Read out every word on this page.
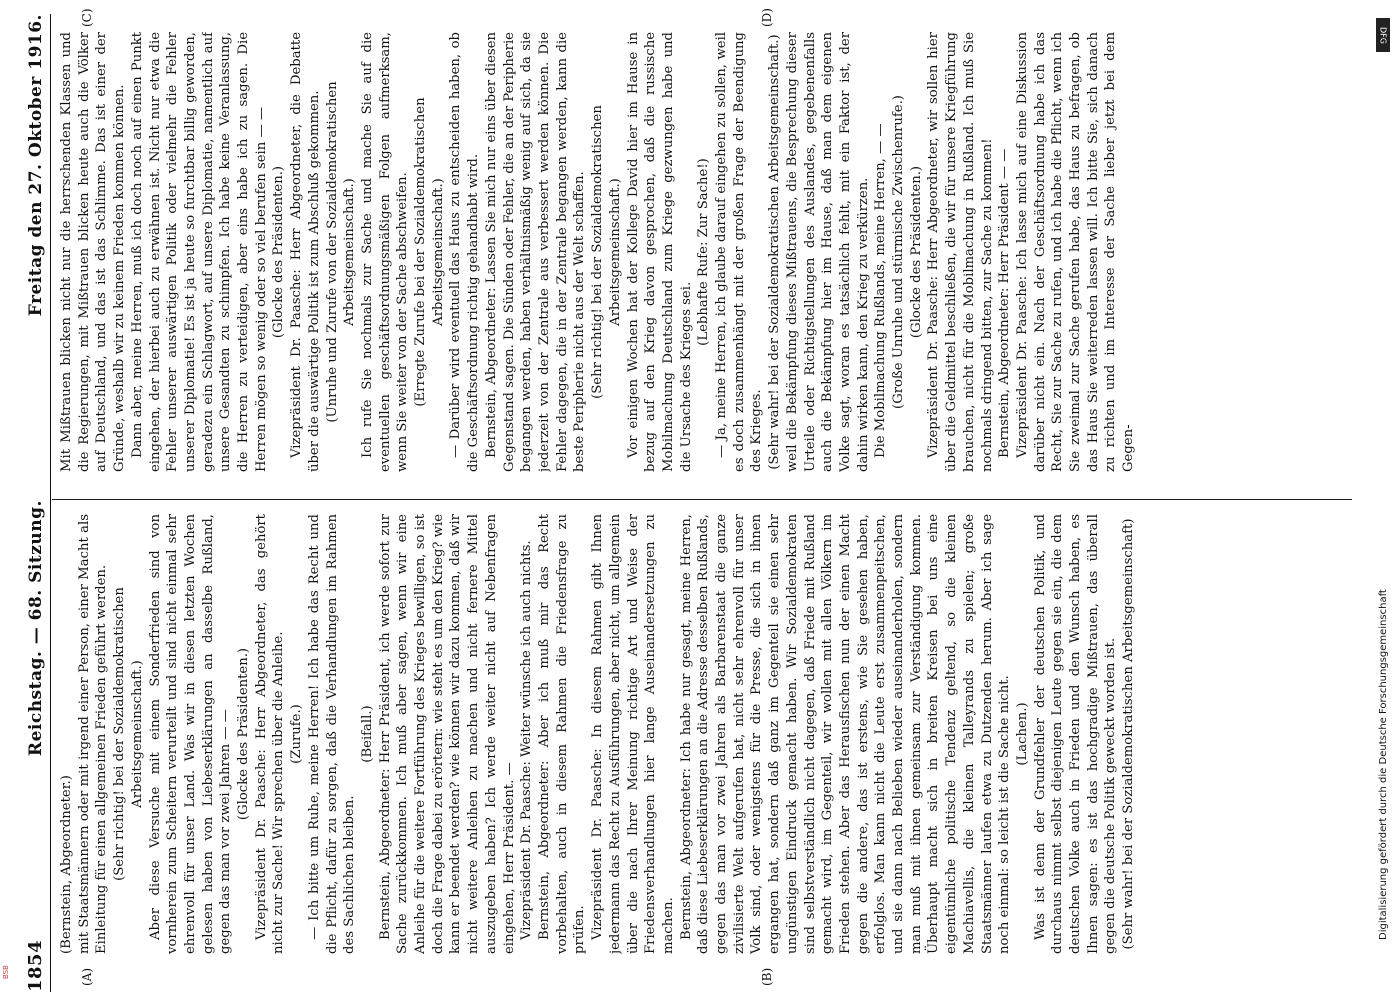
1854
Reichstag. — 68. Sitzung.
Freitag den 27. Oktober 1916.
(A)	(B)
(C)	(D)

(Bernstein, Abgeordneter.) mit Staatsmännern oder mit irgend einer Person, einer Macht als Einleitung für einen allgemeinen Frieden geführt werden. (Sehr richtig! bei der Sozialdemokratischen Arbeitsgemeinschaft.) Aber diese Versuche mit einem Sonderfrieden sind von vornherein zum Scheitern verurteilt und sind nicht einmal sehr ehrenvoll für unser Land. Was wir in diesen letzten Wochen gelesen haben von Liebeserklärungen an dasselbe Rußland, gegen das man vor zwei Jahren — — (Glocke des Präsidenten.) Vizepräsident Dr. Paasche: Herr Abgeordneter, das gehört nicht zur Sache! Wir sprechen über die Anleihe. (Zurufe.) — Ich bitte um Ruhe, meine Herren! Ich habe das Recht und die Pflicht, dafür zu sorgen, daß die Verhandlungen im Rahmen des Sachlichen bleiben.

(Beifall.) Bernstein, Abgeordneter: Herr Präsident, ich werde sofort zur Sache zurückkommen. Ich muß aber sagen, wenn wir eine Anleihe für die weitere Fortführung des Krieges bewilligen, so ist doch die Frage dabei zu erörtern: wie steht es um den Krieg? wie kann er beendet werden? wie können wir dazu kommen, daß wir nicht weitere Anleihen zu machen und nicht fernere Mittel auszugeben haben? Ich werde weiter nicht auf Nebenfragen eingehen, Herr Präsident. — Vizepräsident Dr. Paasche: Weiter wünsche ich auch nichts. Bernstein, Abgeordneter: Aber ich muß mir das Recht vorbehalten, auch in diesem Rahmen die Friedensfrage zu prüfen. Vizepräsident Dr. Paasche: In diesem Rahmen gibt Ihnen jedermann das Recht zu Ausführungen, aber nicht, um allgemein über die nach Ihrer Meinung richtige Art und Weise der Friedensverhandlungen hier lange Auseinandersetzungen zu machen. Bernstein, Abgeordneter: Ich habe nur gesagt, meine Herren, daß diese Liebeserklärungen an die Adresse desselben Rußlands, gegen das man vor zwei Jahren als Barbarenstaat die ganze zivilisierte Welt aufgerufen hat, nicht sehr ehrenvoll für unser Volk sind, oder wenigstens für die Presse, die sich in ihnen ergangen hat, sondern daß ganz im Gegenteil sie einen sehr ungünstigen Eindruck gemacht haben. Wir Sozialdemokraten sind selbstverständlich nicht dagegen, daß Friede mit Rußland gemacht wird, im Gegenteil, wir wollen mit allen Völkern im Frieden stehen. Aber das Herausfischen nun der einen Macht gegen die andere, das ist erstens, wie Sie gesehen haben, erfolglos. Man kann nicht die Leute erst zusammenpeitschen, und sie dann nach Belieben wieder auseinanderholen, sondern man muß mit ihnen gemeinsam zur Verständigung kommen. Überhaupt macht sich in breiten Kreisen bei uns eine eigentümliche politische Tendenz geltend, so die kleinen Machiavellis, die kleinen Talleyrands zu spielen; große Staatsmänner laufen etwa zu Dutzenden herum. Aber ich sage noch einmal: so leicht ist die Sache nicht. (Lachen.) Was ist denn der Grundfehler der deutschen Politik, und durchaus nimmt selbst diejenigen Leute gegen sie ein, die dem deutschen Volke auch in Frieden und den Wunsch haben, es Ihnen sagen: es ist das hochgradige Mißtrauen, das überall gegen die deutsche Politik geweckt worden ist. (Sehr wahr! bei der Sozialdemokratischen Arbeitsgemeinschaft)

Mit Mißtrauen blicken nicht nur die herrschenden Klassen und die Regierungen, mit Mißtrauen blicken heute auch die Völker auf Deutschland, und das ist das Schlimme. Das ist einer der Gründe, weshalb wir zu keinem Frieden kommen können. Dann aber, meine Herren, muß ich doch noch auf einen Punkt eingehen, der hierbei auch zu erwähnen ist. Nicht nur etwa die Fehler unserer auswärtigen Politik oder vielmehr die Fehler unserer Diplomatie! Es ist ja heute so furchtbar billig geworden, geradezu ein Schlagwort, auf unsere Diplomatie, namentlich auf unsere Gesandten zu schimpfen. Ich habe keine Veranlassung, die Herren zu verteidigen, aber eins habe ich zu sagen. Die Herren mögen so wenig oder so viel berufen sein — — (Glocke des Präsidenten.) Vizepräsident Dr. Paasche: Herr Abgeordneter, die Debatte über die auswärtige Politik ist zum Abschluß gekommen. (Unruhe und Zurufe von der Sozialdemokratischen Arbeitsgemeinschaft.) Ich rufe Sie nochmals zur Sache und mache Sie auf die eventuellen geschäftsordnungsmäßigen Folgen aufmerksam, wenn Sie weiter von der Sache abschweifen. (Erregte Zurufe bei der Sozialdemokratischen Arbeitsgemeinschaft.) — Darüber wird eventuell das Haus zu entscheiden haben, ob die Geschäftsordnung richtig gehandhabt wird. Bernstein, Abgeordneter: Lassen Sie mich nur eins über diesen Gegenstand sagen. Die Sünden oder Fehler, die an der Peripherie begangen werden, haben verhältnismäßig wenig auf sich, da sie jederzeit von der Zentrale aus verbessert werden können. Die Fehler dagegen, die in der Zentrale begangen werden, kann die beste Peripherie nicht aus der Welt schaffen. (Sehr richtig! bei der Sozialdemokratischen Arbeitsgemeinschaft.) Vor einigen Wochen hat der Kollege David hier im Hause in bezug auf den Krieg davon gesprochen, daß die russische Mobilmachung Deutschland zum Kriege gezwungen habe und die Ursache des Krieges sei.

(Lebhafte Rufe: Zur Sache!) — Ja, meine Herren, ich glaube darauf eingehen zu sollen, weil es doch zusammenhängt mit der großen Frage der Beendigung des Krieges. (Sehr wahr! bei der Sozialdemokratischen Arbeitsgemeinschaft.) weil die Bekämpfung dieses Mißtrauens, die Besprechung dieser Urteile oder Richtigstellungen des Auslandes, gegebenenfalls auch die Bekämpfung hier im Hause, daß man dem eigenen Volke sagt, woran es tatsächlich fehlt, mit ein Faktor ist, der dahin wirken kann, den Krieg zu verkürzen. Die Mobilmachung Rußlands, meine Herren, — — (Große Unruhe und stürmische Zwischenrufe.) (Glocke des Präsidenten.) Vizepräsident Dr. Paasche: Herr Abgeordneter, wir sollen hier über die Geldmittel beschließen, die wir für unsere Kriegführung brauchen, nicht für die Mobilmachung in Rußland. Ich muß Sie nochmals dringend bitten, zur Sache zu kommen! Bernstein, Abgeordneter: Herr Präsident — — Vizepräsident Dr. Paasche: Ich lasse mich auf eine Diskussion darüber nicht ein. Nach der Geschäftsordnung habe ich das Recht, Sie zur Sache zu rufen, und ich habe die Pflicht, wenn ich Sie zweimal zur Sache gerufen habe, das Haus zu befragen, ob das Haus Sie weiterreden lassen will. Ich bitte Sie, sich danach zu richten und im Interesse der Sache lieber jetzt bei dem Gegen-

DFG
Digitalisierung gefördert durch die Deutsche Forschungsgemeinschaft
BSB
